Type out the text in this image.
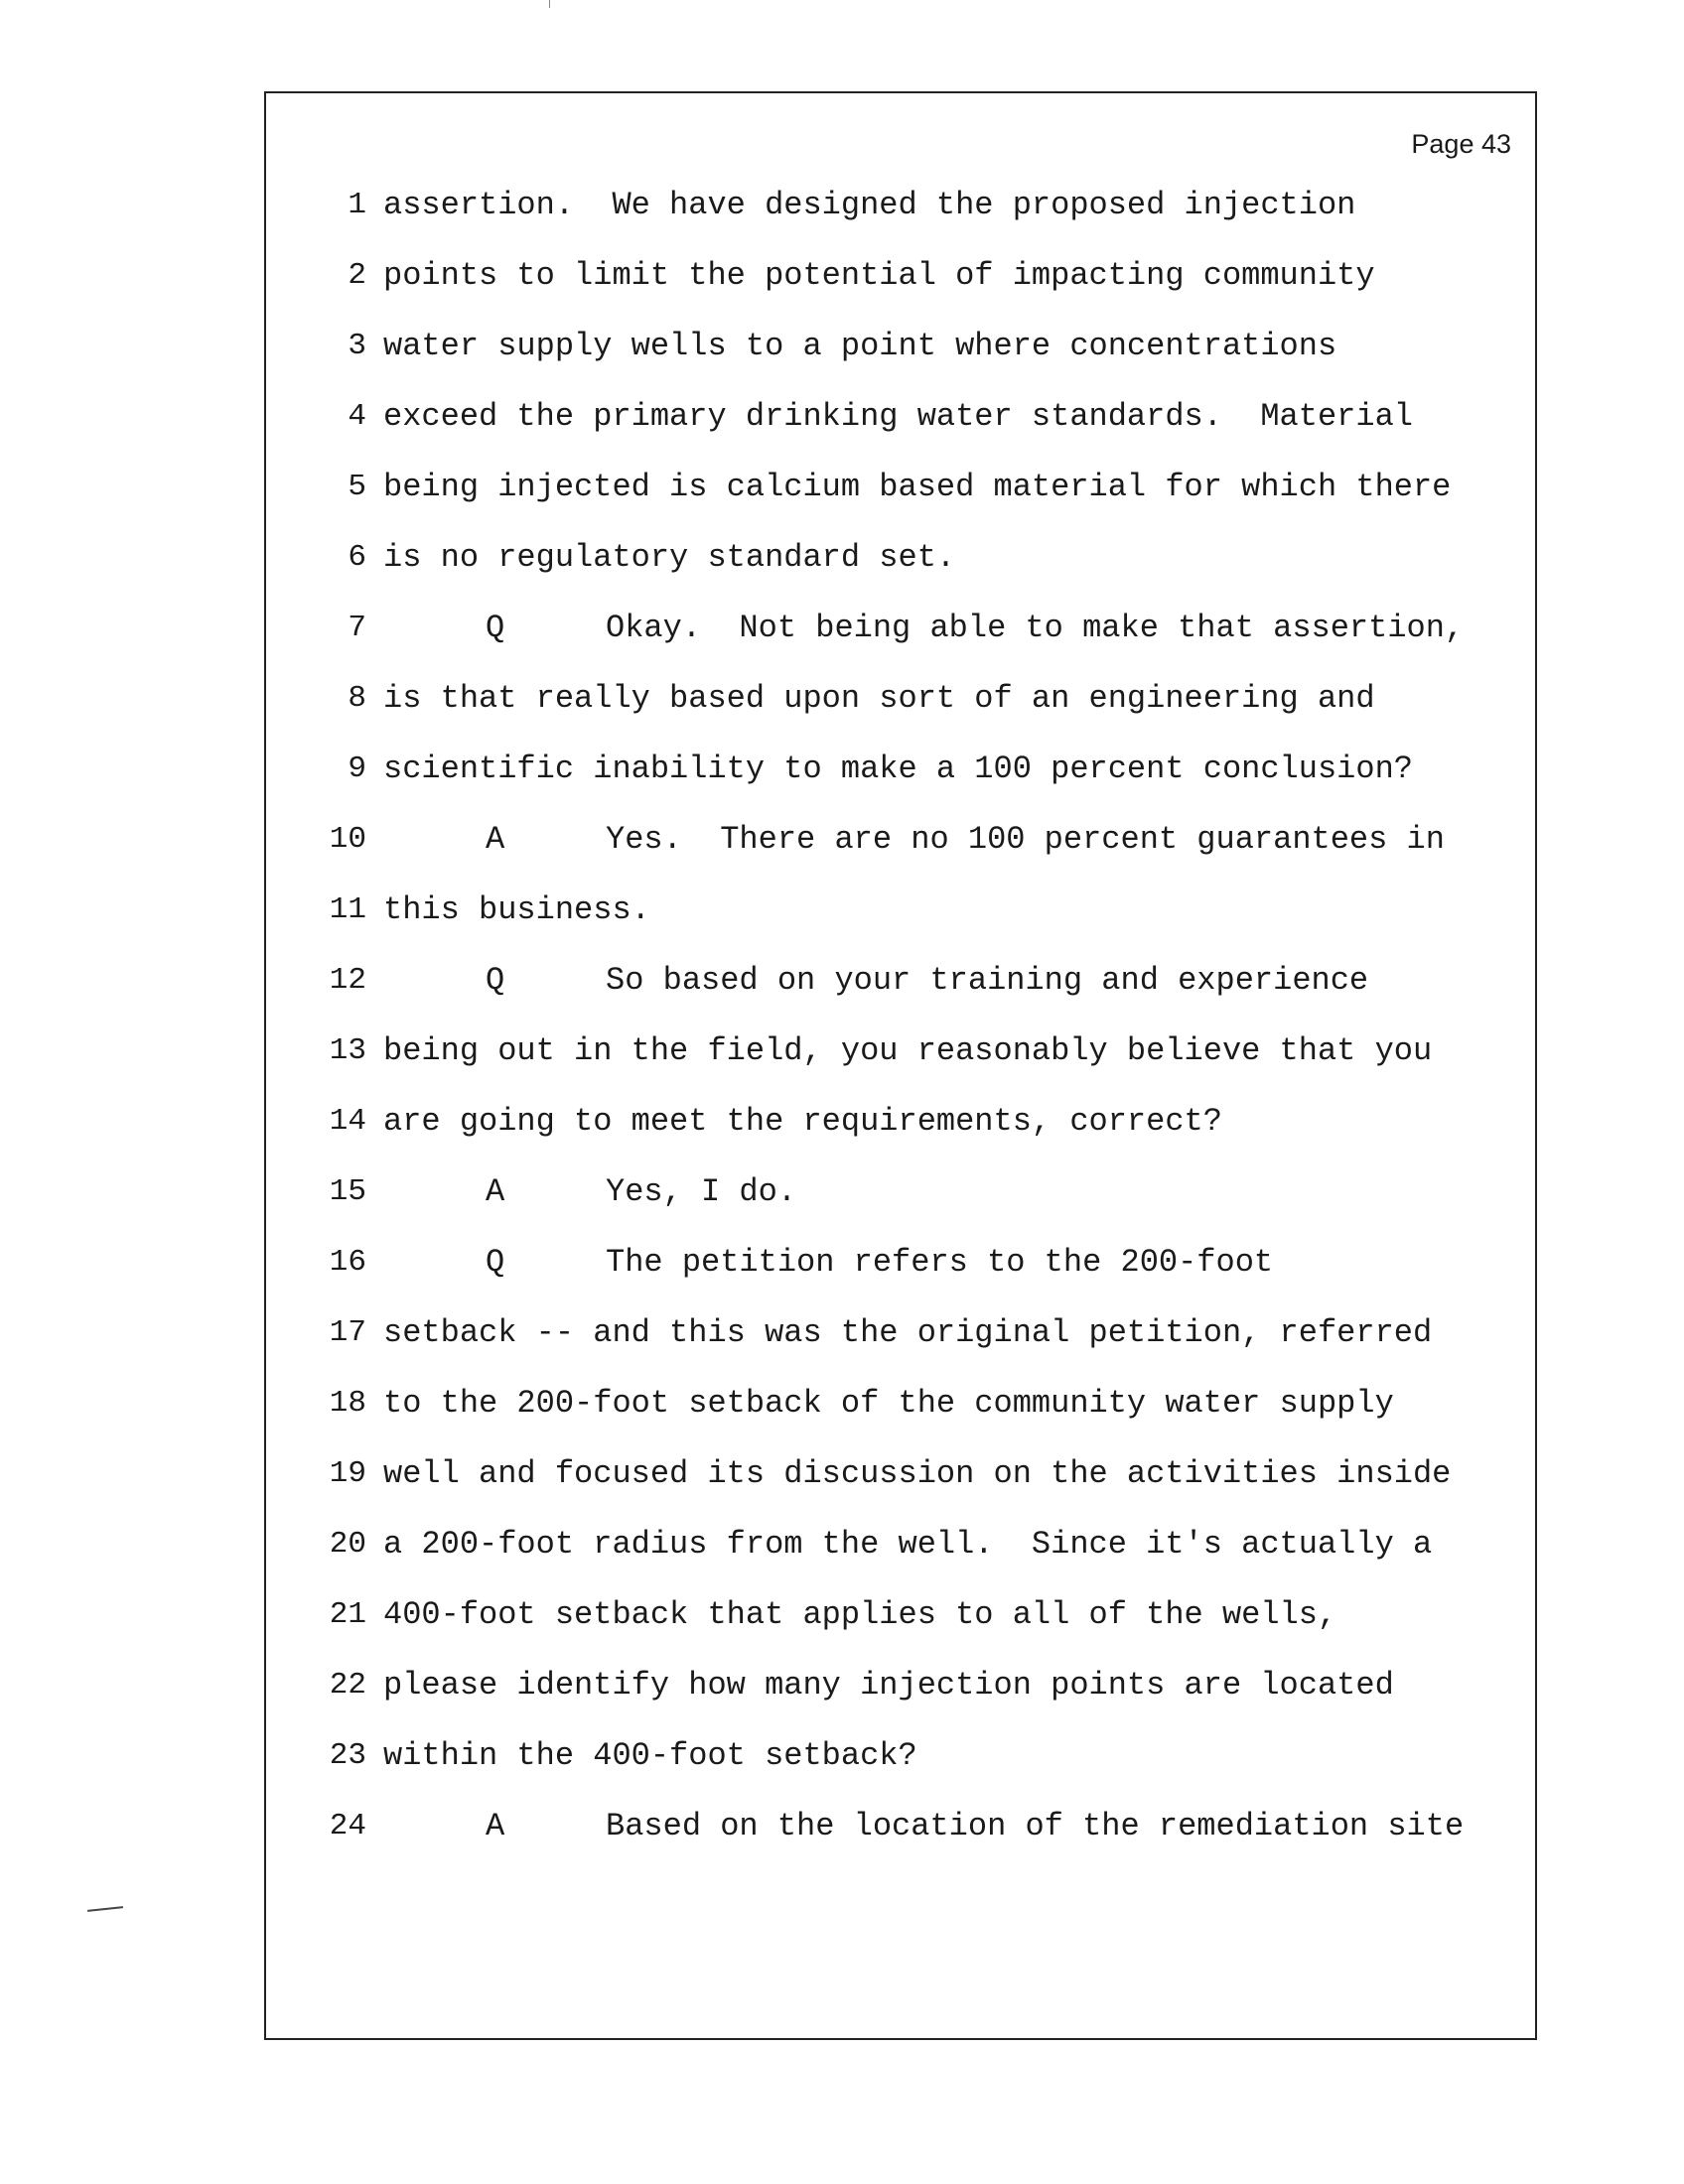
Page 43
1 assertion.  We have designed the proposed injection
2 points to limit the potential of impacting community
3 water supply wells to a point where concentrations
4 exceed the primary drinking water standards.  Material
5 being injected is calcium based material for which there
6 is no regulatory standard set.
7	Q	Okay.  Not being able to make that assertion,
8 is that really based upon sort of an engineering and
9 scientific inability to make a 100 percent conclusion?
10	A	Yes.  There are no 100 percent guarantees in
11 this business.
12	Q	So based on your training and experience
13 being out in the field, you reasonably believe that you
14 are going to meet the requirements, correct?
15	A	Yes, I do.
16	Q	The petition refers to the 200-foot
17 setback -- and this was the original petition, referred
18 to the 200-foot setback of the community water supply
19 well and focused its discussion on the activities inside
20 a 200-foot radius from the well.  Since it's actually a
21 400-foot setback that applies to all of the wells,
22 please identify how many injection points are located
23 within the 400-foot setback?
24	A	Based on the location of the remediation site
